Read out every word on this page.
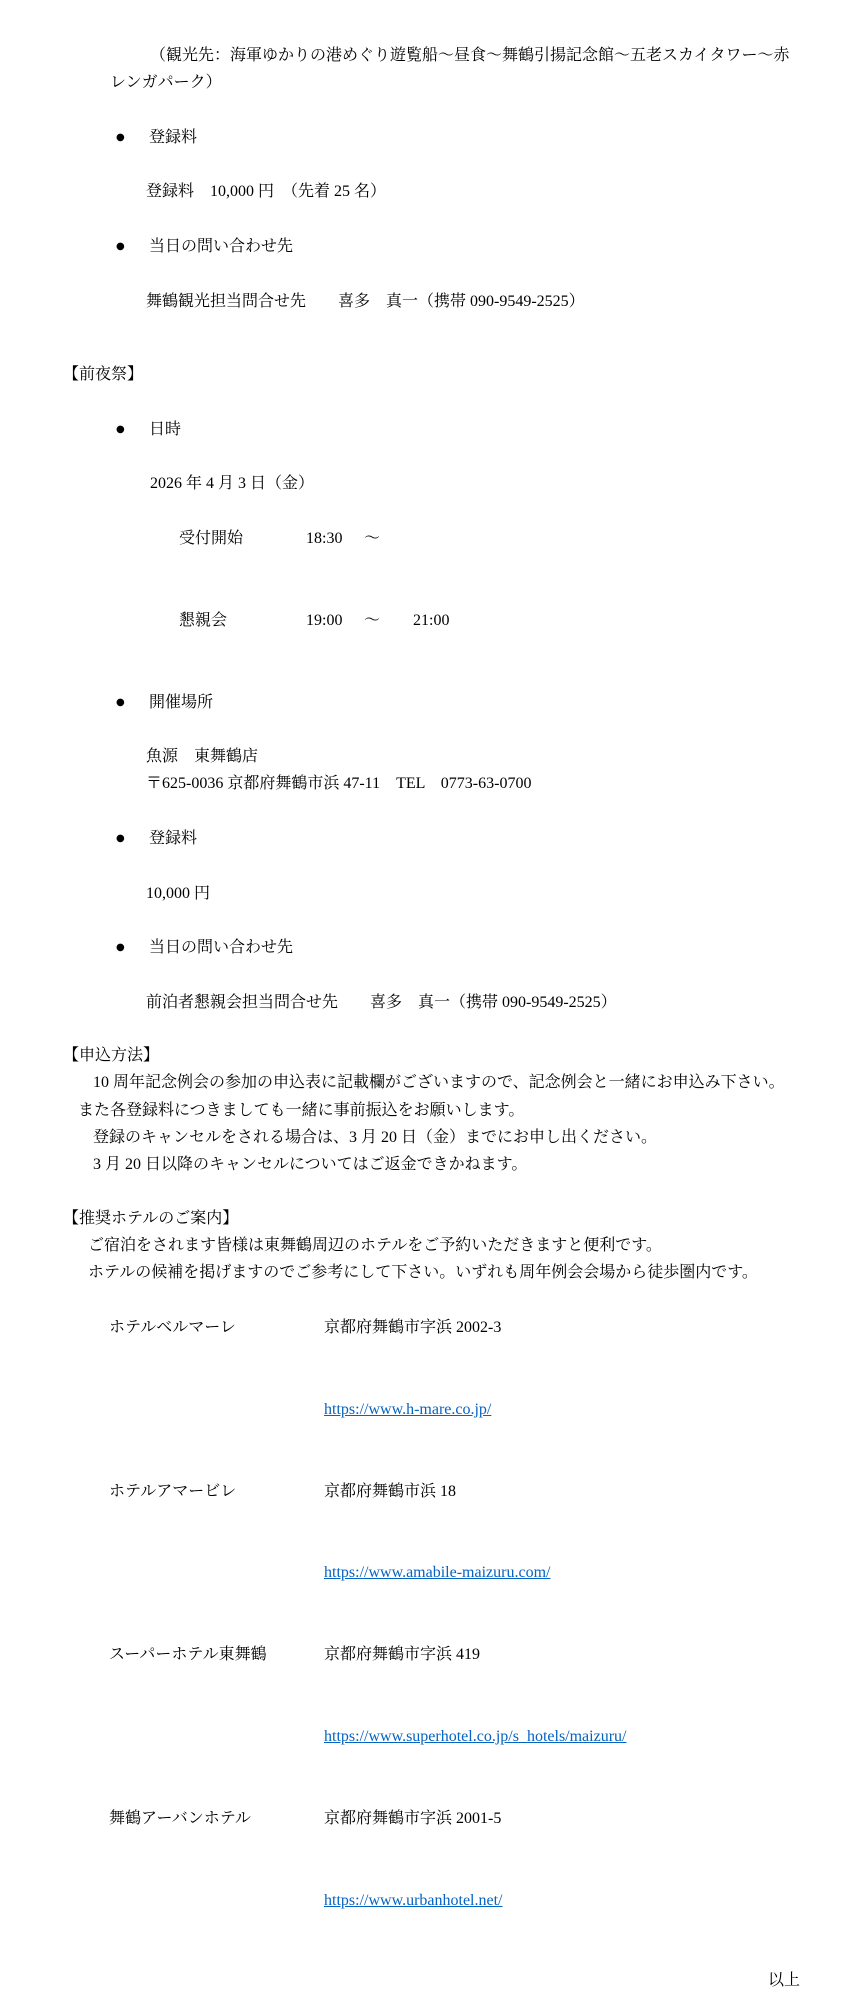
（観光先：海軍ゆかりの港めぐり遊覧船～昼食～舞鶴引揚記念館～五老スカイタワー～赤
レンガパーク）

● 登録料

登録料　10,000 円　（先着 25 名）

● 当日の問い合わせ先

舞鶴観光担当問合せ先　　喜多　真一（携帯 090-9549-2525）
【前夜祭】

● 日時

2026 年 4 月 3 日（金）

受付開始	18:30 ～

懇親会	19:00 ～ 21:00

● 開催場所

魚源　東舞鶴店
〒625-0036 京都府舞鶴市浜 47-11　TEL　0773-63-0700

● 登録料

10,000 円

● 当日の問い合わせ先

前泊者懇親会担当問合せ先　　喜多　真一（携帯 090-9549-2525）
【申込方法】
10 周年記念例会の参加の申込表に記載欄がございますので、記念例会と一緒にお申込み下さい。
また各登録料につきましても一緒に事前振込をお願いします。
登録のキャンセルをされる場合は、3 月 20 日（金）までにお申し出ください。
3 月 20 日以降のキャンセルについてはご返金できかねます。
【推奨ホテルのご案内】
ご宿泊をされます皆様は東舞鶴周辺のホテルをご予約いただきますと便利です。
ホテルの候補を掲げますのでご参考にして下さい。いずれも周年例会会場から徒歩圏内です。

ホテルベルマーレ	京都府舞鶴市字浜 2002-3

https://www.h-mare.co.jp/

ホテルアマービレ	京都府舞鶴市浜 18

https://www.amabile-maizuru.com/

スーパーホテル東舞鶴	京都府舞鶴市字浜 419

https://www.superhotel.co.jp/s_hotels/maizuru/

舞鶴アーバンホテル	京都府舞鶴市字浜 2001-5

https://www.urbanhotel.net/

以上
